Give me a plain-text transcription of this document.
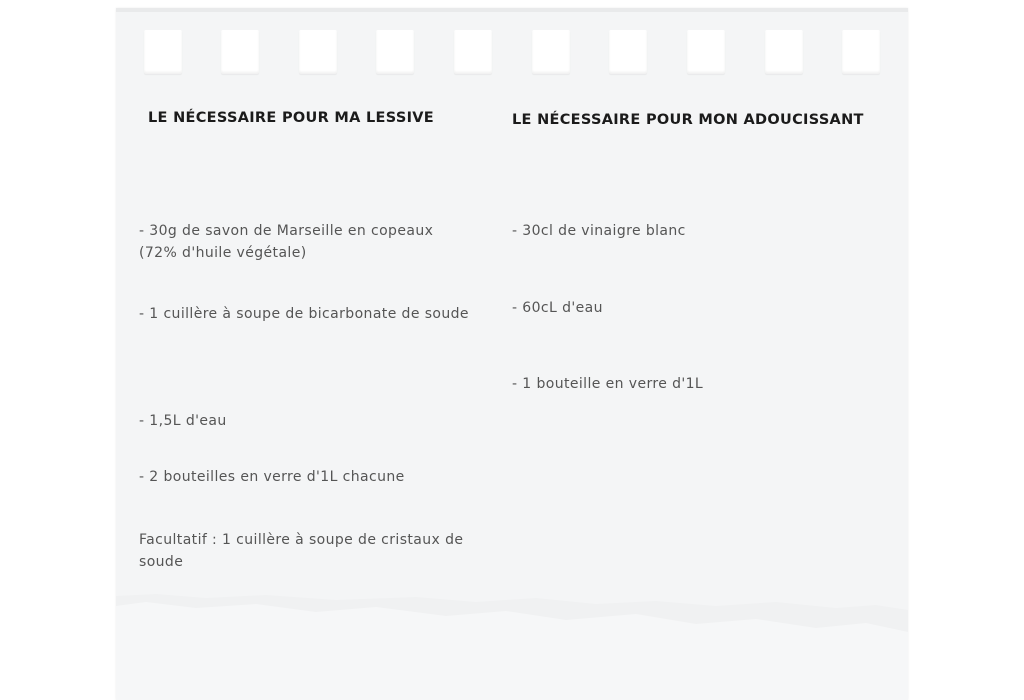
LE NÉCESSAIRE POUR MA LESSIVE
- 30g de savon de Marseille en copeaux (72% d'huile végétale)
- 1 cuillère à soupe de bicarbonate de soude
- 1,5L d'eau
- 2 bouteilles en verre d'1L chacune
Facultatif : 1 cuillère à soupe de cristaux de soude
LE NÉCESSAIRE POUR MON ADOUCISSANT
- 30cl de vinaigre blanc
- 60cL d'eau
- 1 bouteille en verre d'1L
